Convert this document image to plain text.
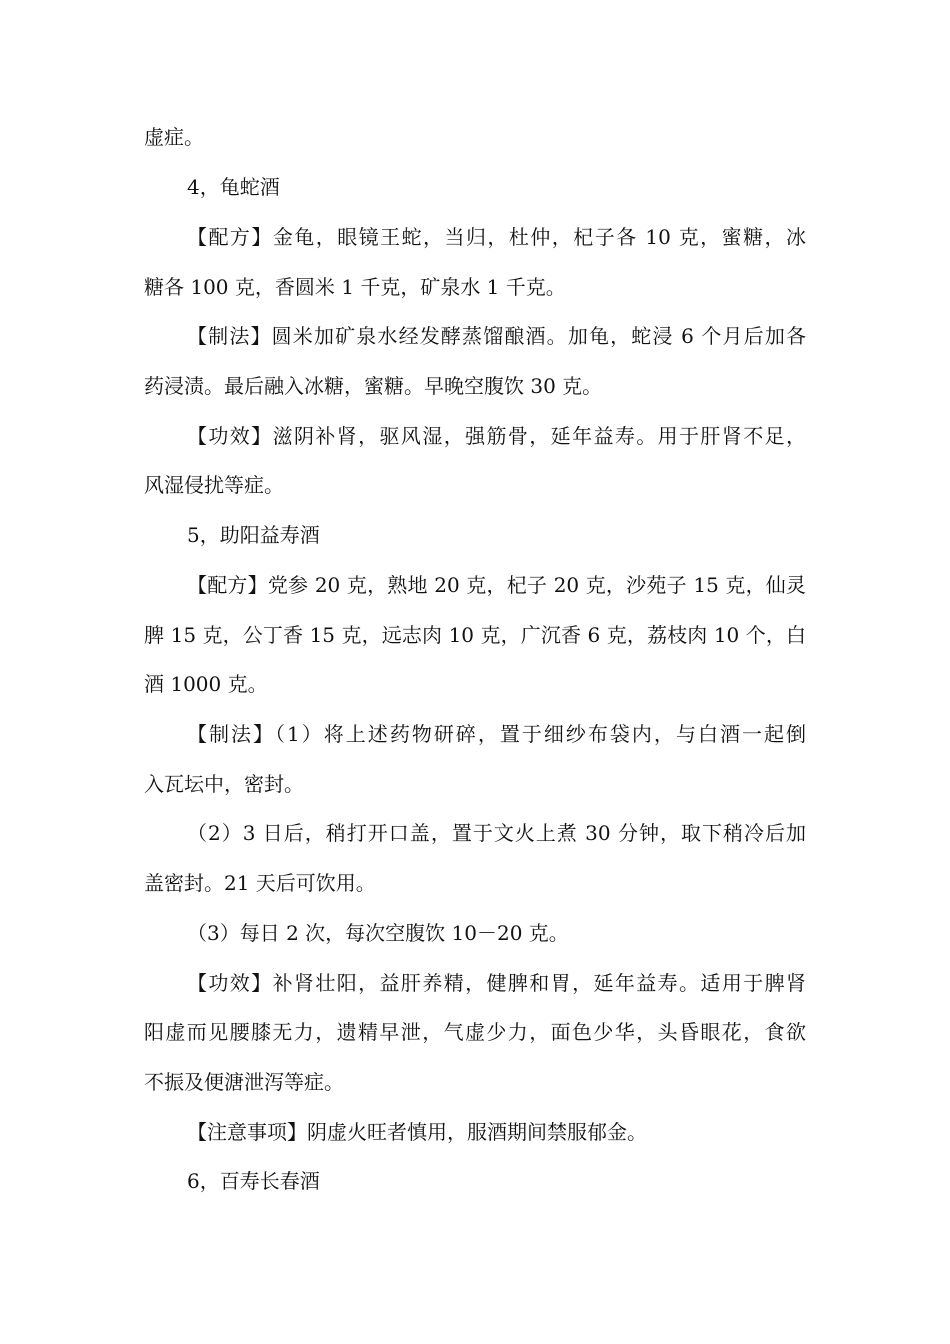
虚症。
4，龟蛇酒
【配方】金龟，眼镜王蛇，当归，杜仲，杞子各 10 克，蜜糖，冰
糖各 100 克，香圆米 1 千克，矿泉水 1 千克。
【制法】圆米加矿泉水经发酵蒸馏酿酒。加龟，蛇浸 6 个月后加各
药浸渍。最后融入冰糖，蜜糖。早晚空腹饮 30 克。
【功效】滋阴补肾，驱风湿，强筋骨，延年益寿。用于肝肾不足，
风湿侵扰等症。
5，助阳益寿酒
【配方】党参 20 克，熟地 20 克，杞子 20 克，沙苑子 15 克，仙灵
脾 15 克，公丁香 15 克，远志肉 10 克，广沉香 6 克，荔枝肉 10 个，白
酒 1000 克。
【制法】（1）将上述药物研碎，置于细纱布袋内，与白酒一起倒
入瓦坛中，密封。
（2）3 日后，稍打开口盖，置于文火上煮 30 分钟，取下稍冷后加
盖密封。21 天后可饮用。
（3）每日 2 次，每次空腹饮 10－20 克。
【功效】补肾壮阳，益肝养精，健脾和胃，延年益寿。适用于脾肾
阳虚而见腰膝无力，遗精早泄，气虚少力，面色少华，头昏眼花，食欲
不振及便溏泄泻等症。
【注意事项】阴虚火旺者慎用，服酒期间禁服郁金。
6，百寿长春酒
